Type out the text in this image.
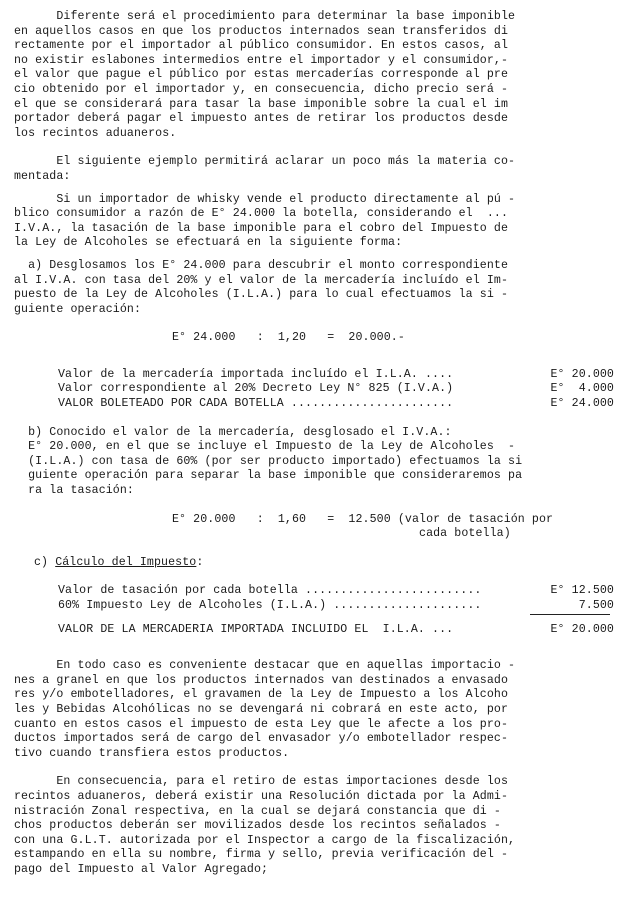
Diferente será el procedimiento para determinar la base imponible
en aquellos casos en que los productos internados sean transferidos di
rectamente por el importador al público consumidor. En estos casos, al
no existir eslabones intermedios entre el importador y el consumidor,-
el valor que pague el público por estas mercaderías corresponde al pre
cio obtenido por el importador y, en consecuencia, dicho precio será -
el que se considerará para tasar la base imponible sobre la cual el im
portador deberá pagar el impuesto antes de retirar los productos desde
los recintos aduaneros.
El siguiente ejemplo permitirá aclarar un poco más la materia co-
mentada:
Si un importador de whisky vende el producto directamente al pú -
blico consumidor a razón de E° 24.000 la botella, considerando el  ...
I.V.A., la tasación de la base imponible para el cobro del Impuesto de
la Ley de Alcoholes se efectuará en la siguiente forma:
a) Desglosamos los E° 24.000 para descubrir el monto correspondiente
al I.V.A. con tasa del 20% y el valor de la mercadería incluído el Im-
puesto de la Ley de Alcoholes (I.L.A.) para lo cual efectuamos la si -
guiente operación:
E° 24.000   :  1,20   =  20.000.-
Valor de la mercadería importada incluído el I.L.A. ....	E° 20.000
Valor correspondiente al 20% Decreto Ley N° 825 (I.V.A.)	E°  4.000
VALOR BOLETEADO POR CADA BOTELLA .......................	E° 24.000
b) Conocido el valor de la mercadería, desglosado el I.V.A.:
E° 20.000, en el que se incluye el Impuesto de la Ley de Alcoholes  -
(I.L.A.) con tasa de 60% (por ser producto importado) efectuamos la si
guiente operación para separar la base imponible que consideraremos pa
ra la tasación:
E° 20.000   :  1,60   =  12.500 (valor de tasación por
cada botella)
c) Cálculo del Impuesto:
Valor de tasación por cada botella .........................	E° 12.500
60% Impuesto Ley de Alcoholes (I.L.A.) .....................	7.500
VALOR DE LA MERCADERIA IMPORTADA INCLUIDO EL  I.L.A. ...	E° 20.000
En todo caso es conveniente destacar que en aquellas importacio -
nes a granel en que los productos internados van destinados a envasado
res y/o embotelladores, el gravamen de la Ley de Impuesto a los Alcoho
les y Bebidas Alcohólicas no se devengará ni cobrará en este acto, por
cuanto en estos casos el impuesto de esta Ley que le afecte a los pro-
ductos importados será de cargo del envasador y/o embotellador respec-
tivo cuando transfiera estos productos.
En consecuencia, para el retiro de estas importaciones desde los
recintos aduaneros, deberá existir una Resolución dictada por la Admi-
nistración Zonal respectiva, en la cual se dejará constancia que di -
chos productos deberán ser movilizados desde los recintos señalados -
con una G.L.T. autorizada por el Inspector a cargo de la fiscalización,
estampando en ella su nombre, firma y sello, previa verificación del -
pago del Impuesto al Valor Agregado;
